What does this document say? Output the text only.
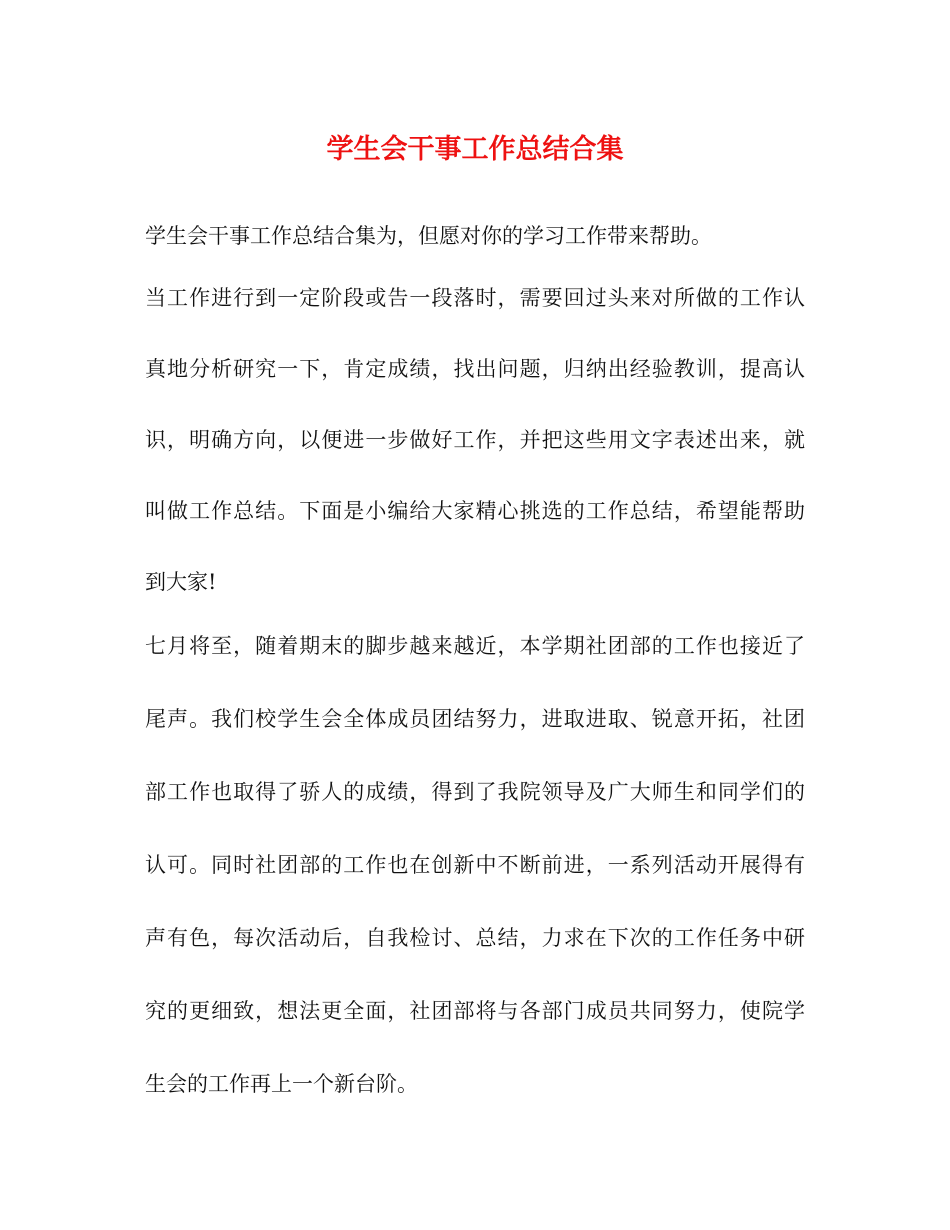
学生会干事工作总结合集
学生会干事工作总结合集为，但愿对你的学习工作带来帮助。
当工作进行到一定阶段或告一段落时，需要回过头来对所做的工作认
真地分析研究一下，肯定成绩，找出问题，归纳出经验教训，提高认
识，明确方向，以便进一步做好工作，并把这些用文字表述出来，就
叫做工作总结。下面是小编给大家精心挑选的工作总结，希望能帮助
到大家!
七月将至，随着期末的脚步越来越近，本学期社团部的工作也接近了
尾声。我们校学生会全体成员团结努力，进取进取、锐意开拓，社团
部工作也取得了骄人的成绩，得到了我院领导及广大师生和同学们的
认可。同时社团部的工作也在创新中不断前进，一系列活动开展得有
声有色，每次活动后，自我检讨、总结，力求在下次的工作任务中研
究的更细致，想法更全面，社团部将与各部门成员共同努力，使院学
生会的工作再上一个新台阶。
